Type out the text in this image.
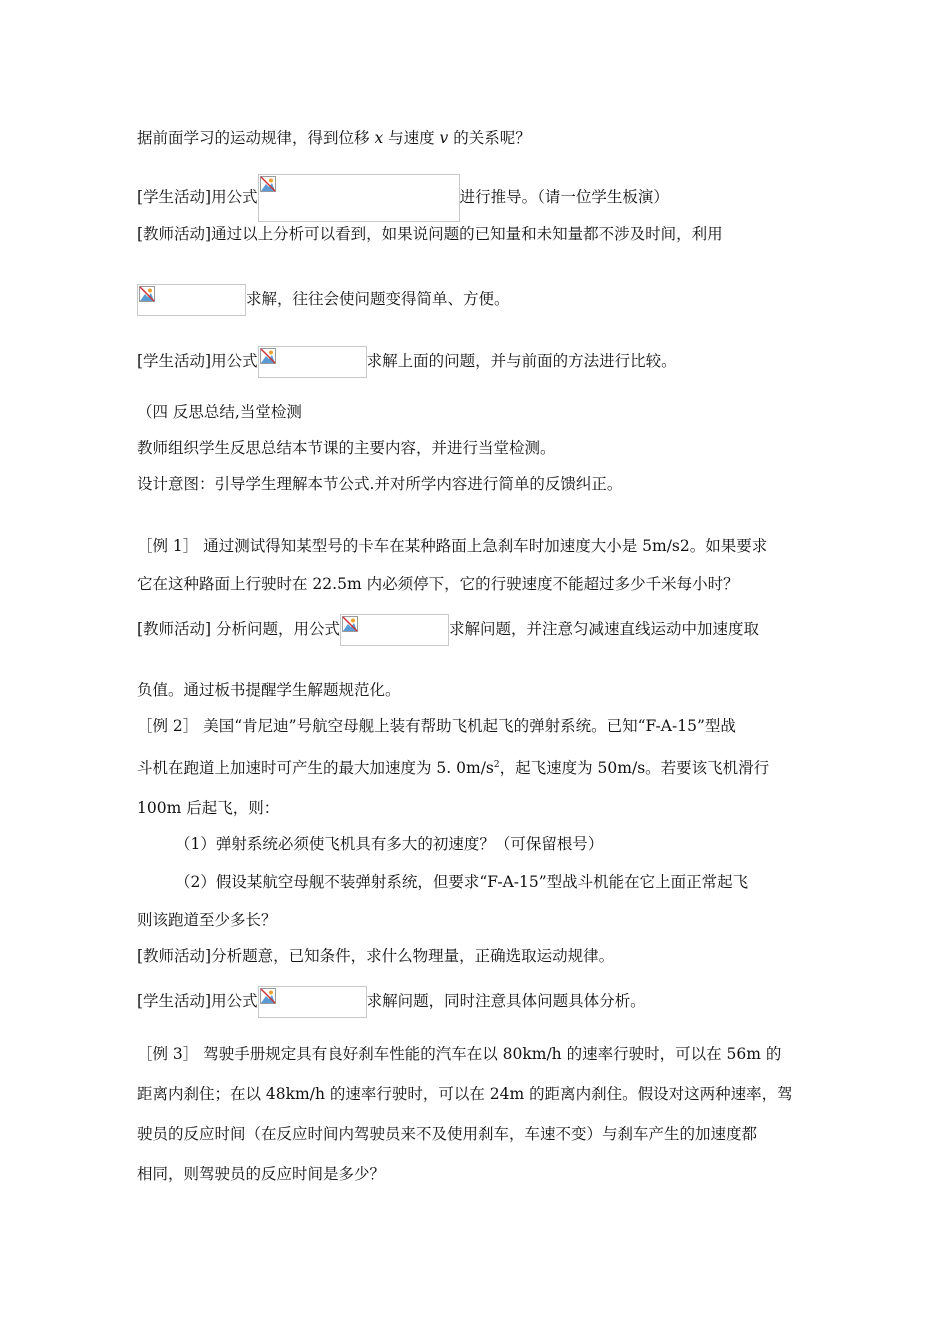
据前面学习的运动规律，得到位移 x 与速度 v 的关系呢？
[学生活动]用公式	进行推导。（请一位学生板演）
[教师活动]通过以上分析可以看到，如果说问题的已知量和未知量都不涉及时间，利用
求解，往往会使问题变得简单、方便。
[学生活动]用公式	求解上面的问题，并与前面的方法进行比较。
（四 反思总结,当堂检测
教师组织学生反思总结本节课的主要内容，并进行当堂检测。
设计意图：引导学生理解本节公式.并对所学内容进行简单的反馈纠正。
［例 1］ 通过测试得知某型号的卡车在某种路面上急刹车时加速度大小是 5m/s2。如果要求
它在这种路面上行驶时在 22.5m 内必须停下，它的行驶速度不能超过多少千米每小时？
[教师活动] 分析问题，用公式	求解问题，并注意匀减速直线运动中加速度取
负值。通过板书提醒学生解题规范化。
［例 2］ 美国“肯尼迪”号航空母舰上装有帮助飞机起飞的弹射系统。已知“F-A-15”型战
斗机在跑道上加速时可产生的最大加速度为 5. $0m/s^2$，起飞速度为 50m/s。若要该飞机滑行
100m 后起飞，则：
（1）弹射系统必须使飞机具有多大的初速度？（可保留根号）
（2）假设某航空母舰不装弹射系统，但要求“F-A-15”型战斗机能在它上面正常起飞
则该跑道至少多长？
[教师活动]分析题意，已知条件，求什么物理量，正确选取运动规律。
[学生活动]用公式	求解问题，同时注意具体问题具体分析。
［例 3］ 驾驶手册规定具有良好刹车性能的汽车在以 80km/h 的速率行驶时，可以在 56m 的
距离内刹住；在以 48km/h 的速率行驶时，可以在 24m 的距离内刹住。假设对这两种速率，驾
驶员的反应时间（在反应时间内驾驶员来不及使用刹车，车速不变）与刹车产生的加速度都
相同，则驾驶员的反应时间是多少？
